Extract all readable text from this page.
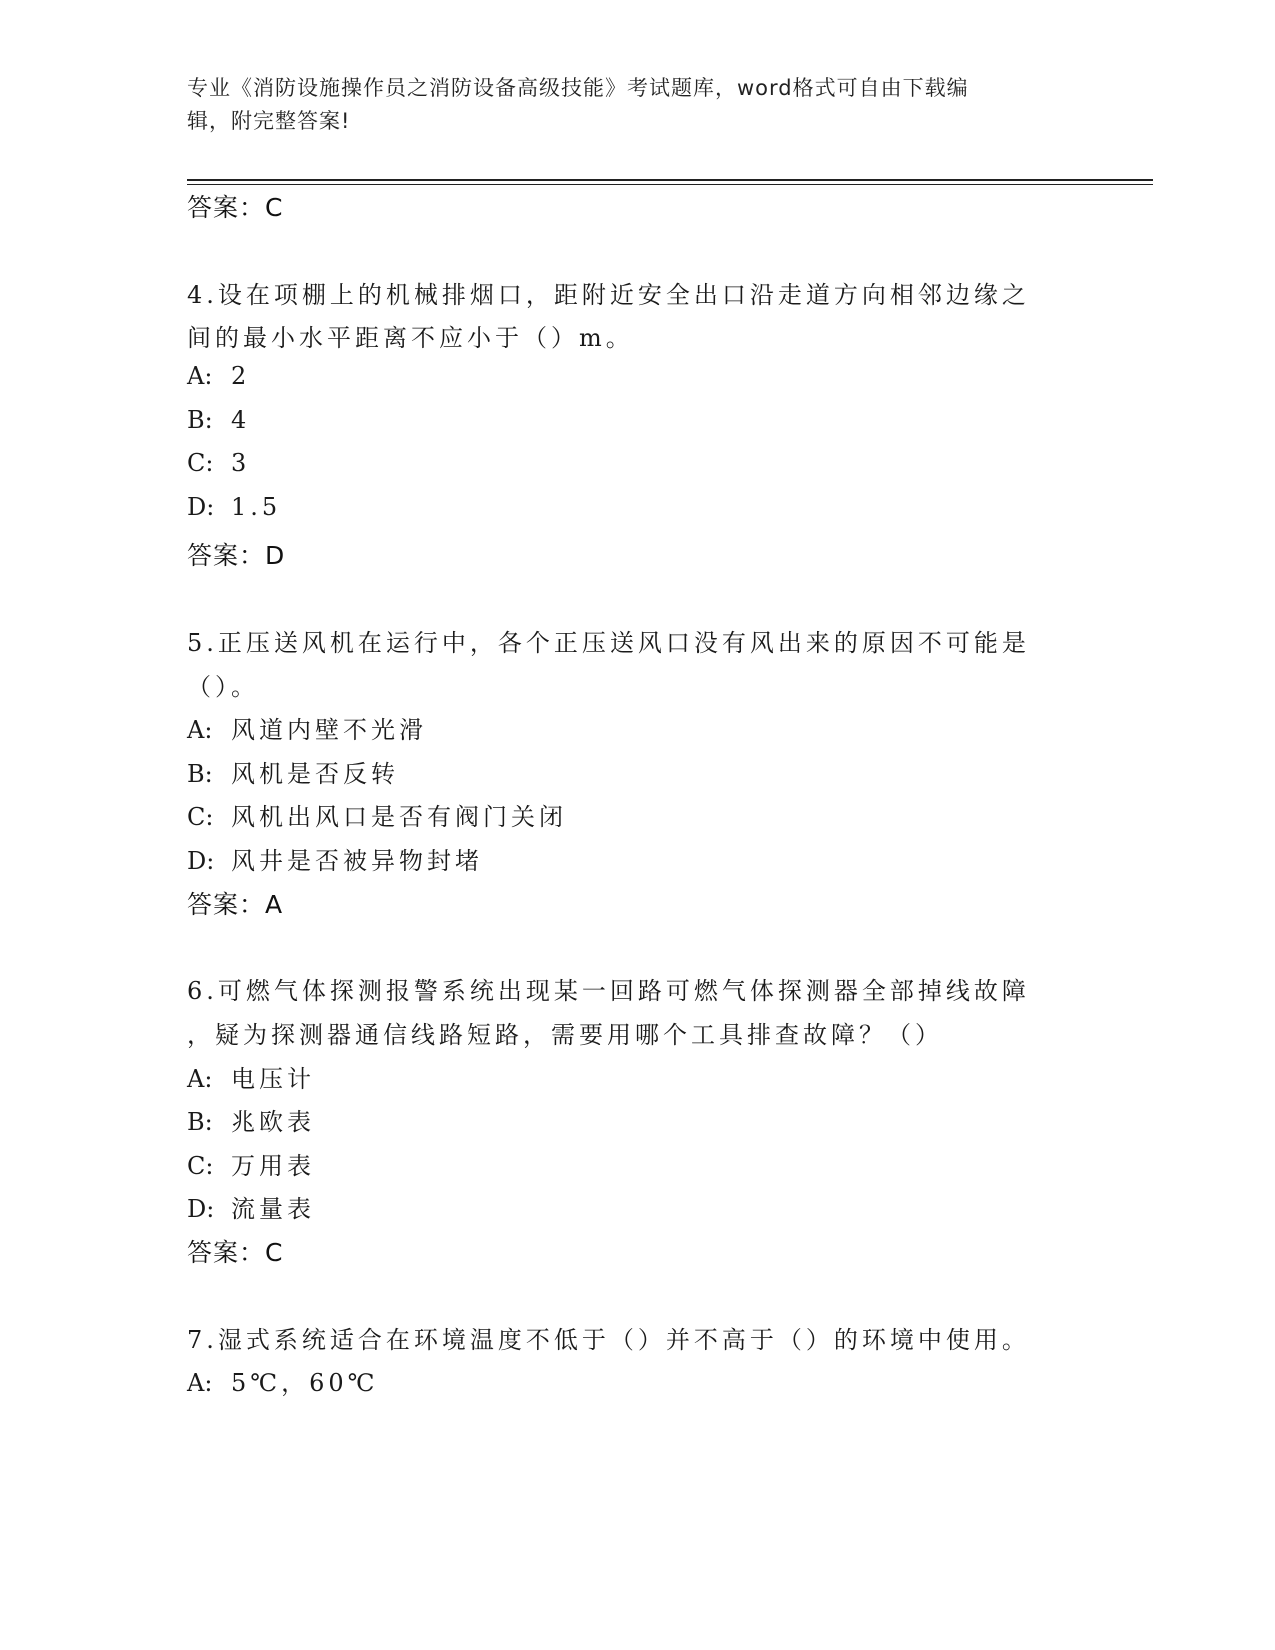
专业《消防设施操作员之消防设备高级技能》考试题库，word格式可自由下载编
辑，附完整答案!
答案：C
4.设在项棚上的机械排烟口，距附近安全出口沿走道方向相邻边缘之
间的最小水平距离不应小于（）m。
A: 2
B: 4
C: 3
D: 1.5
答案：D
5.正压送风机在运行中，各个正压送风口没有风出来的原因不可能是
（）。
A: 风道内壁不光滑
B: 风机是否反转
C: 风机出风口是否有阀门关闭
D: 风井是否被异物封堵
答案：A
6.可燃气体探测报警系统出现某一回路可燃气体探测器全部掉线故障
，疑为探测器通信线路短路，需要用哪个工具排查故障？（）
A: 电压计
B: 兆欧表
C: 万用表
D: 流量表
答案：C
7.湿式系统适合在环境温度不低于（）并不高于（）的环境中使用。
A: 5℃，60℃
